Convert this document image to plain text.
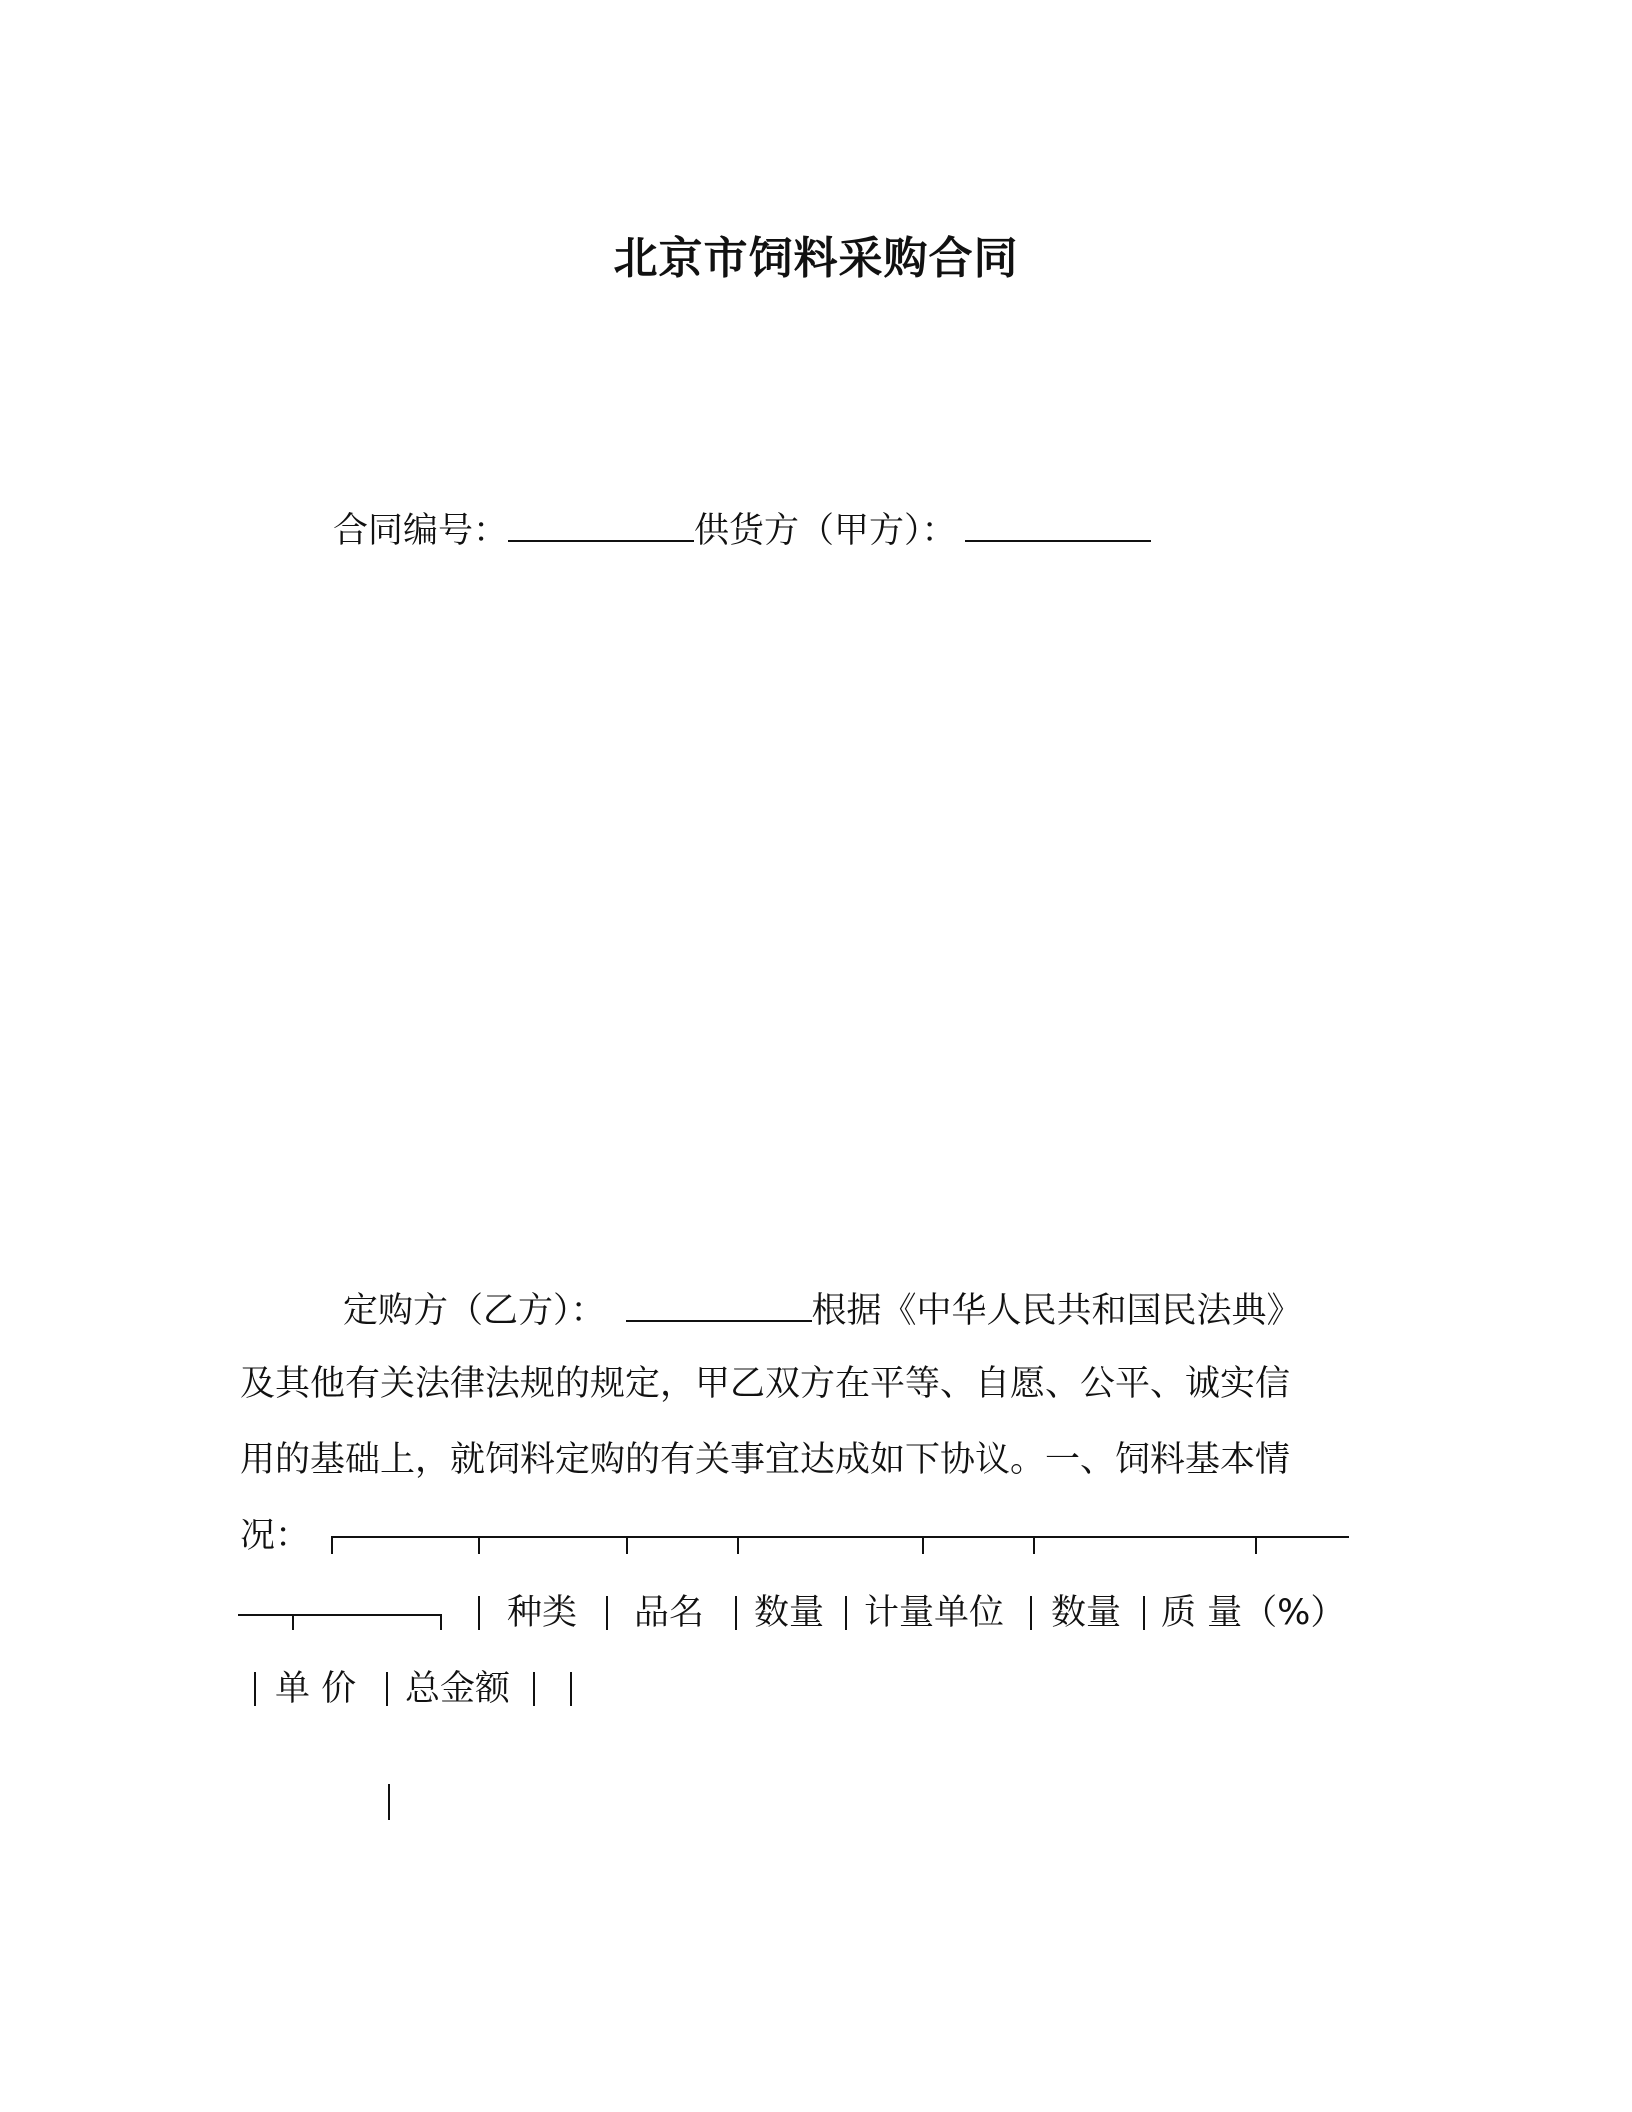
北京市饲料采购合同
合同编号：	供货方（甲方）：
定购方（乙方）：	根据《中华人民共和国民法典》
及其他有关法律法规的规定，甲乙双方在平等、自愿、公平、诚实信
用的基础上，就饲料定购的有关事宜达成如下协议。一、饲料基本情
况：
种类 品名 数量 计量单位 数量 质 量（%）
单 价 总金额
